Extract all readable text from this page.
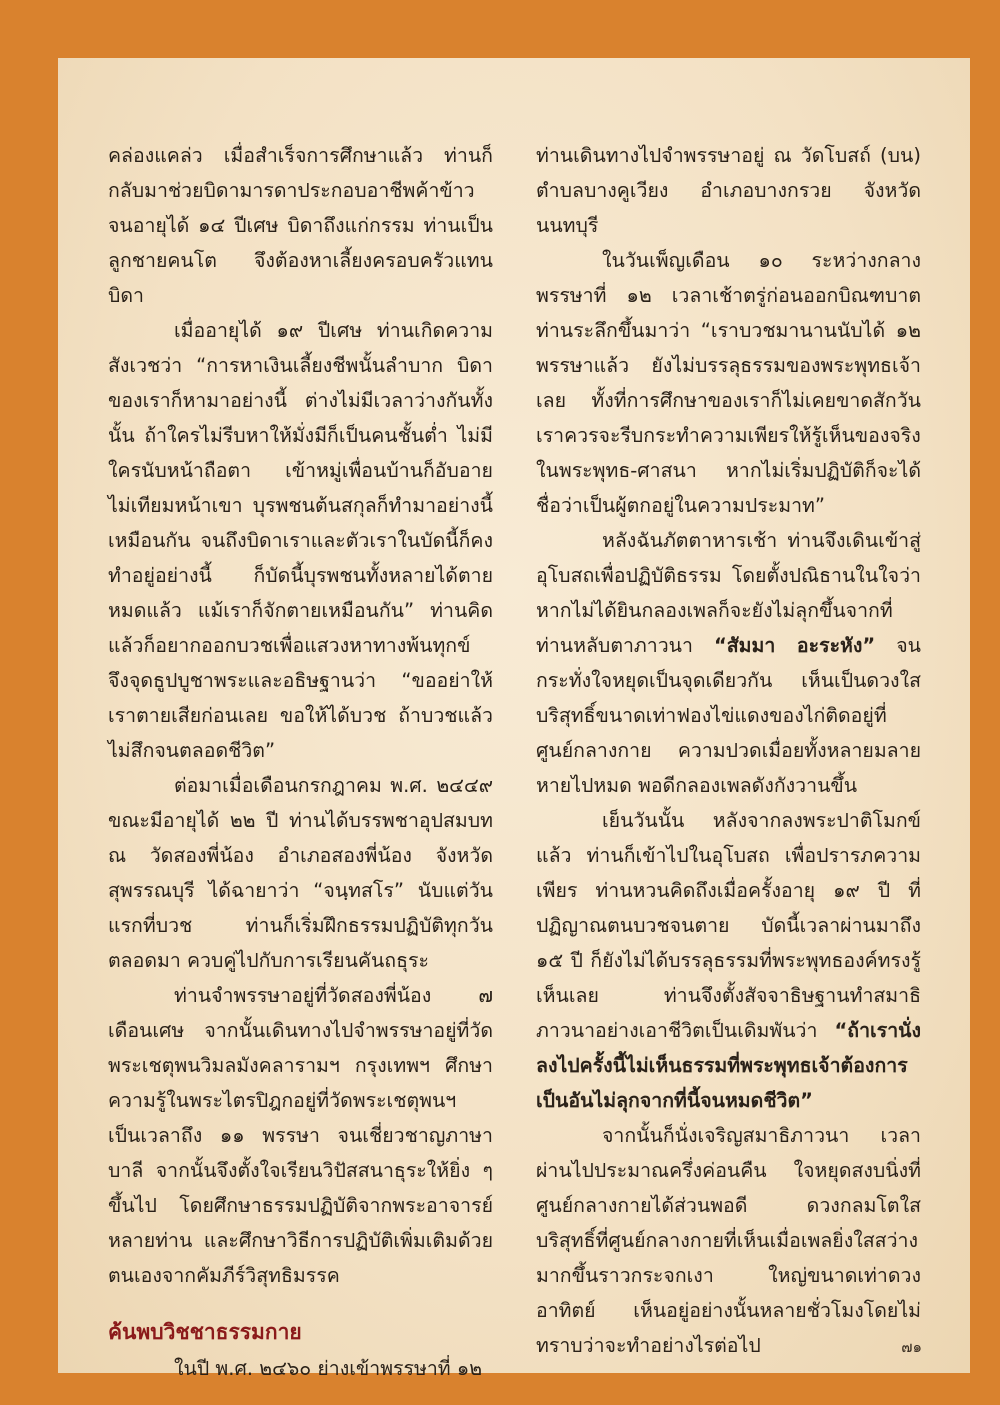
คล่องแคล่ว เมื่อสำเร็จการศึกษาแล้ว ท่านก็กลับมาช่วยบิดามารดาประกอบอาชีพค้าข้าว จนอายุได้ ๑๔ ปีเศษ บิดาถึงแก่กรรม ท่านเป็นลูกชายคนโต จึงต้องหาเลี้ยงครอบครัวแทนบิดา

เมื่ออายุได้ ๑๙ ปีเศษ ท่านเกิดความสังเวชว่า “การหาเงินเลี้ยงชีพนั้นลำบาก บิดาของเราก็หามาอย่างนี้ ต่างไม่มีเวลาว่างกันทั้งนั้น ถ้าใครไม่รีบหาให้มั่งมีก็เป็นคนชั้นต่ำ ไม่มีใครนับหน้าถือตา เข้าหมู่เพื่อนบ้านก็อับอาย ไม่เทียมหน้าเขา บุรพชนต้นสกุลก็ทำมาอย่างนี้เหมือนกัน จนถึงบิดาเราและตัวเราในบัดนี้ก็คงทำอยู่อย่างนี้ ก็บัดนี้บุรพชนทั้งหลายได้ตายหมดแล้ว แม้เราก็จักตายเหมือนกัน” ท่านคิดแล้วก็อยากออกบวชเพื่อแสวงหาทางพ้นทุกข์ จึงจุดธูปบูชาพระและอธิษฐานว่า “ขออย่าให้เราตายเสียก่อนเลย ขอให้ได้บวช ถ้าบวชแล้วไม่สึกจนตลอดชีวิต”

ต่อมาเมื่อเดือนกรกฎาคม พ.ศ. ๒๔๔๙ ขณะมีอายุได้ ๒๒ ปี ท่านได้บรรพชาอุปสมบท ณ วัดสองพี่น้อง อำเภอสองพี่น้อง จังหวัดสุพรรณบุรี ได้ฉายาว่า “จนฺทสโร” นับแต่วันแรกที่บวช ท่านก็เริ่มฝึกธรรมปฏิบัติทุกวันตลอดมา ควบคู่ไปกับการเรียนคันถธุระ

ท่านจำพรรษาอยู่ที่วัดสองพี่น้อง ๗ เดือนเศษ จากนั้นเดินทางไปจำพรรษาอยู่ที่วัดพระเชตุพนวิมลมังคลารามฯ กรุงเทพฯ ศึกษาความรู้ในพระไตรปิฎกอยู่ที่วัดพระเชตุพนฯ เป็นเวลาถึง ๑๑ พรรษา จนเชี่ยวชาญภาษาบาลี จากนั้นจึงตั้งใจเรียนวิปัสสนาธุระให้ยิ่ง ๆ ขึ้นไป โดยศึกษาธรรมปฏิบัติจากพระอาจารย์หลายท่าน และศึกษาวิธีการปฏิบัติเพิ่มเติมด้วยตนเองจากคัมภีร์วิสุทธิมรรค

ค้นพบวิชชาธรรมกาย

ในปี พ.ศ. ๒๔๖๐ ย่างเข้าพรรษาที่ ๑๒

ท่านเดินทางไปจำพรรษาอยู่ ณ วัดโบสถ์ (บน) ตำบลบางคูเวียง อำเภอบางกรวย จังหวัดนนทบุรี

ในวันเพ็ญเดือน ๑๐ ระหว่างกลางพรรษาที่ ๑๒ เวลาเช้าตรู่ก่อนออกบิณฑบาต ท่านระลึกขึ้นมาว่า “เราบวชมานานนับได้ ๑๒ พรรษาแล้ว ยังไม่บรรลุธรรมของพระพุทธเจ้าเลย ทั้งที่การศึกษาของเราก็ไม่เคยขาดสักวัน เราควรจะรีบกระทำความเพียรให้รู้เห็นของจริงในพระพุทธ-ศาสนา หากไม่เริ่มปฏิบัติก็จะได้ชื่อว่าเป็นผู้ตกอยู่ในความประมาท”

หลังฉันภัตตาหารเช้า ท่านจึงเดินเข้าสู่อุโบสถเพื่อปฏิบัติธรรม โดยตั้งปณิธานในใจว่า หากไม่ได้ยินกลองเพลก็จะยังไม่ลุกขึ้นจากที่ ท่านหลับตาภาวนา “สัมมา อะระหัง” จนกระทั่งใจหยุดเป็นจุดเดียวกัน เห็นเป็นดวงใสบริสุทธิ์ขนาดเท่าฟองไข่แดงของไก่ติดอยู่ที่ศูนย์กลางกาย ความปวดเมื่อยทั้งหลายมลายหายไปหมด พอดีกลองเพลดังกังวานขึ้น

เย็นวันนั้น หลังจากลงพระปาติโมกข์แล้ว ท่านก็เข้าไปในอุโบสถ เพื่อปรารภความเพียร ท่านหวนคิดถึงเมื่อครั้งอายุ ๑๙ ปี ที่ปฏิญาณตนบวชจนตาย บัดนี้เวลาผ่านมาถึง ๑๕ ปี ก็ยังไม่ได้บรรลุธรรมที่พระพุทธองค์ทรงรู้เห็นเลย ท่านจึงตั้งสัจจาธิษฐานทำสมาธิภาวนาอย่างเอาชีวิตเป็นเดิมพันว่า “ถ้าเรานั่งลงไปครั้งนี้ไม่เห็นธรรมที่พระพุทธเจ้าต้องการ เป็นอันไม่ลุกจากที่นี้จนหมดชีวิต”

จากนั้นก็นั่งเจริญสมาธิภาวนา เวลาผ่านไปประมาณครึ่งค่อนคืน ใจหยุดสงบนิ่งที่ศูนย์กลางกายได้ส่วนพอดี ดวงกลมโตใสบริสุทธิ์ที่ศูนย์กลางกายที่เห็นเมื่อเพลยิ่งใสสว่างมากขึ้นราวกระจกเงา ใหญ่ขนาดเท่าดวงอาทิตย์ เห็นอยู่อย่างนั้นหลายชั่วโมงโดยไม่ทราบว่าจะทำอย่างไรต่อไป	๗๑
